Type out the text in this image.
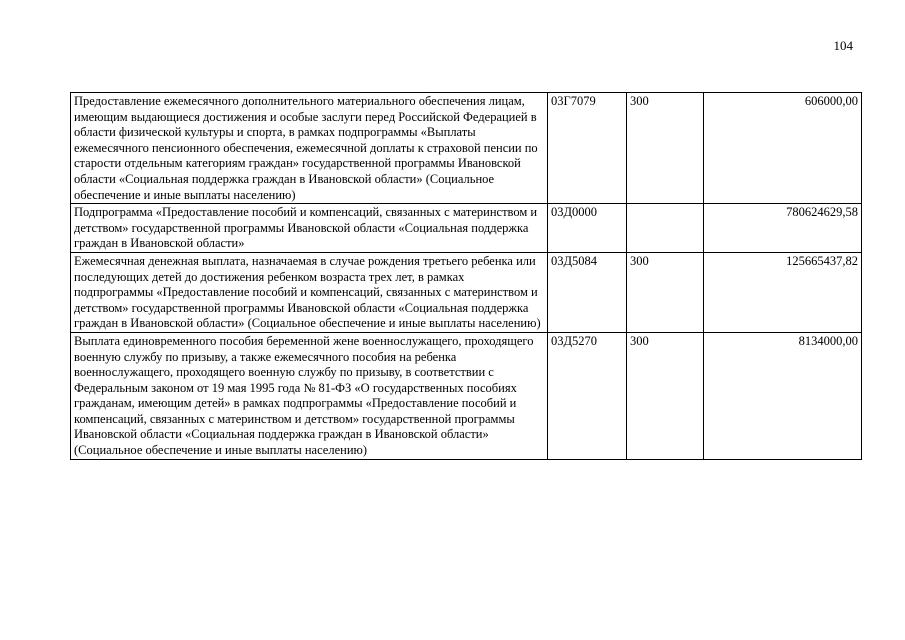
104
Предоставление ежемесячного дополнительного материального обеспечения лицам, имеющим выдающиеся достижения и особые заслуги перед Российской Федерацией в области физической культуры и спорта, в рамках подпрограммы «Выплаты ежемесячного пенсионного обеспечения, ежемесячной доплаты к страховой пенсии по старости отдельным категориям граждан» государственной программы Ивановской области «Социальная поддержка граждан в Ивановской области» (Социальное обеспечение и иные выплаты населению)	03Г7079	300	606000,00
Подпрограмма «Предоставление пособий и компенсаций, связанных с материнством и детством» государственной программы Ивановской области «Социальная поддержка граждан в Ивановской области»	03Д0000		780624629,58
Ежемесячная денежная выплата, назначаемая в случае рождения третьего ребенка или последующих детей до достижения ребенком возраста трех лет, в рамках подпрограммы «Предоставление пособий и компенсаций, связанных с материнством и детством» государственной программы Ивановской области «Социальная поддержка граждан в Ивановской области» (Социальное обеспечение и иные выплаты населению)	03Д5084	300	125665437,82
Выплата единовременного пособия беременной жене военнослужащего, проходящего военную службу по призыву, а также ежемесячного пособия на ребенка военнослужащего, проходящего военную службу по призыву, в соответствии с Федеральным законом от 19 мая 1995 года № 81-ФЗ «О государственных пособиях гражданам, имеющим детей» в рамках подпрограммы «Предоставление пособий и компенсаций, связанных с материнством и детством» государственной программы Ивановской области «Социальная поддержка граждан в Ивановской области» (Социальное обеспечение и иные выплаты населению)	03Д5270	300	8134000,00
